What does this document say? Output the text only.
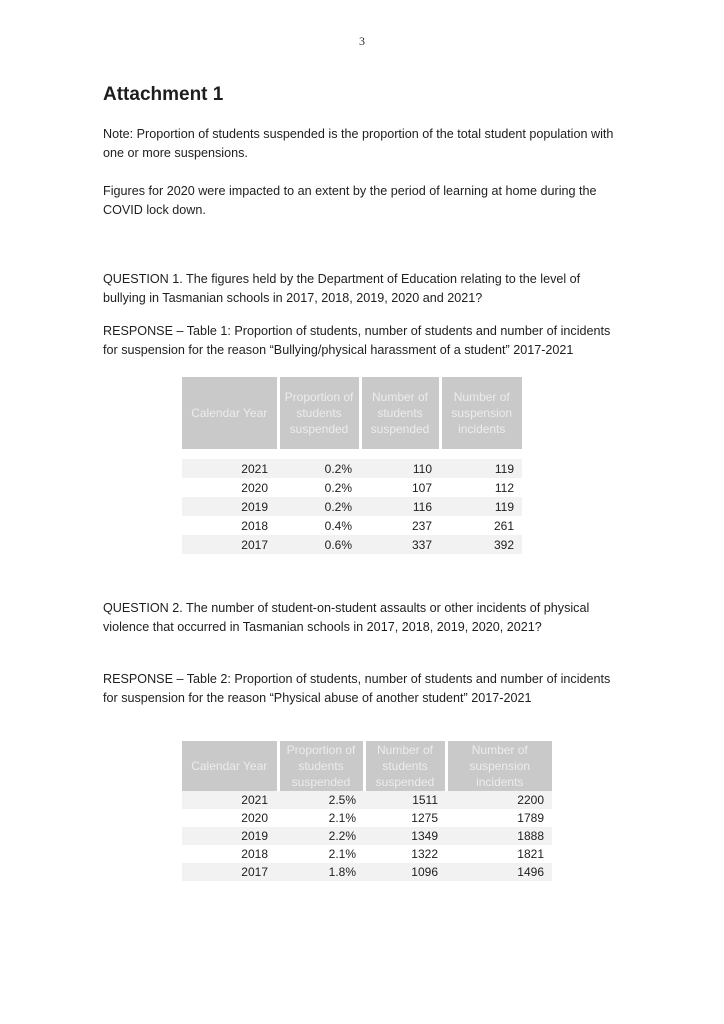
3
Attachment 1

Note: Proportion of students suspended is the proportion of the total student population with one or more suspensions.

Figures for 2020 were impacted to an extent by the period of learning at home during the COVID lock down.

QUESTION 1. The figures held by the Department of Education relating to the level of bullying in Tasmanian schools in 2017, 2018, 2019, 2020 and 2021?

RESPONSE – Table 1: Proportion of students, number of students and number of incidents for suspension for the reason “Bullying/physical harassment of a student” 2017-2021

Calendar Year	Proportion of students suspended	Number of students suspended	Number of suspension incidents

2021	0.2%	110	119
2020	0.2%	107	112
2019	0.2%	116	119
2018	0.4%	237	261
2017	0.6%	337	392

QUESTION 2. The number of student-on-student assaults or other incidents of physical violence that occurred in Tasmanian schools in 2017, 2018, 2019, 2020, 2021?

RESPONSE – Table 2: Proportion of students, number of students and number of incidents for suspension for the reason “Physical abuse of another student” 2017-2021

Calendar Year	Proportion of students suspended	Number of students suspended	Number of suspension incidents
2021	2.5%	1511	2200
2020	2.1%	1275	1789
2019	2.2%	1349	1888
2018	2.1%	1322	1821
2017	1.8%	1096	1496
